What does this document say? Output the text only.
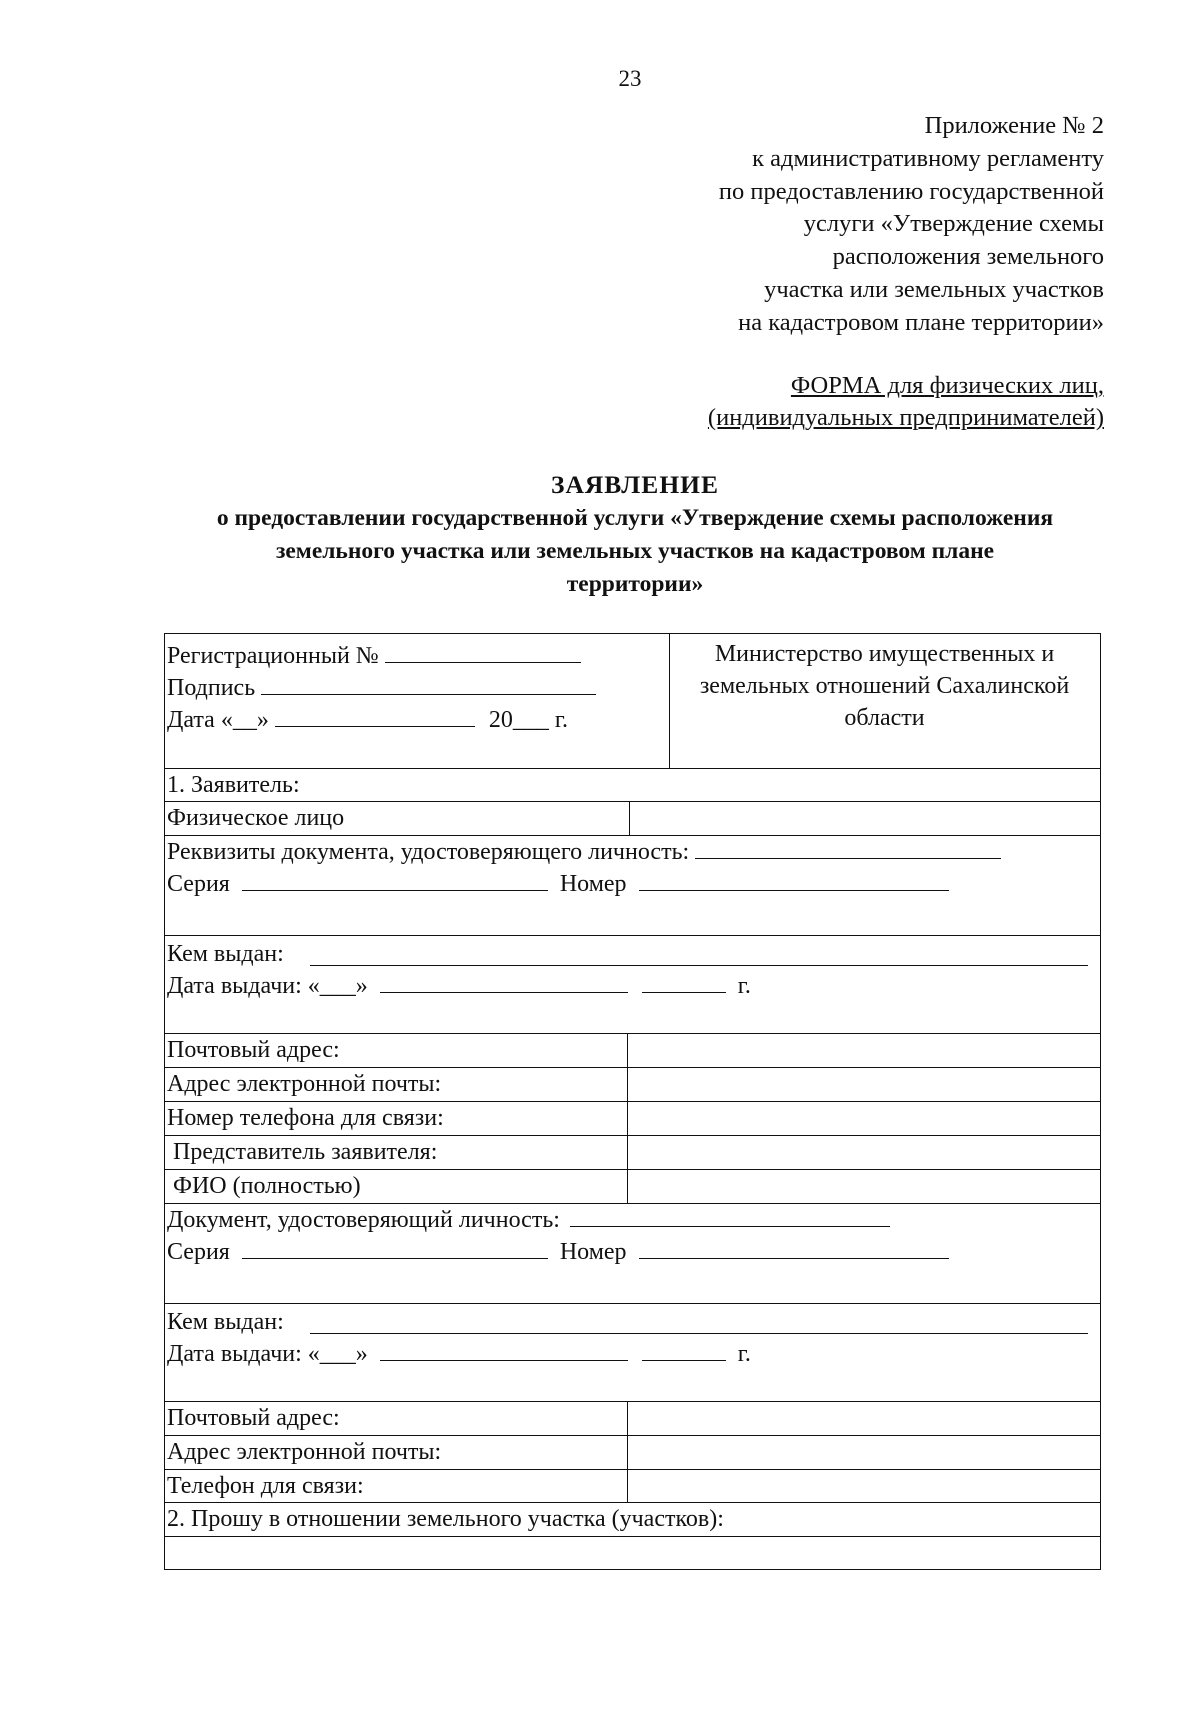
23
Приложение № 2
к административному регламенту
по предоставлению государственной
услуги «Утверждение схемы
расположения земельного
участка или земельных участков
на кадастровом плане территории»
ФОРМА для физических лиц,
(индивидуальных предпринимателей)
ЗАЯВЛЕНИЕ
о предоставлении государственной услуги «Утверждение схемы расположения земельного участка или земельных участков на кадастровом плане территории»
Регистрационный №
Подпись
Дата «__»	20___ г.
Министерство имущественных и земельных отношений Сахалинской области
1. Заявитель:
Физическое лицо
Реквизиты документа, удостоверяющего личность:
Серия	Номер
Кем выдан:
Дата выдачи: «___»	г.
Почтовый адрес:
Адрес электронной почты:
Номер телефона для связи:
Представитель заявителя:
ФИО (полностью)
Документ, удостоверяющий личность:
Серия	Номер
Кем выдан:
Дата выдачи: «___»	г.
Почтовый адрес:
Адрес электронной почты:
Телефон для связи:
2. Прошу в отношении земельного участка (участков):
